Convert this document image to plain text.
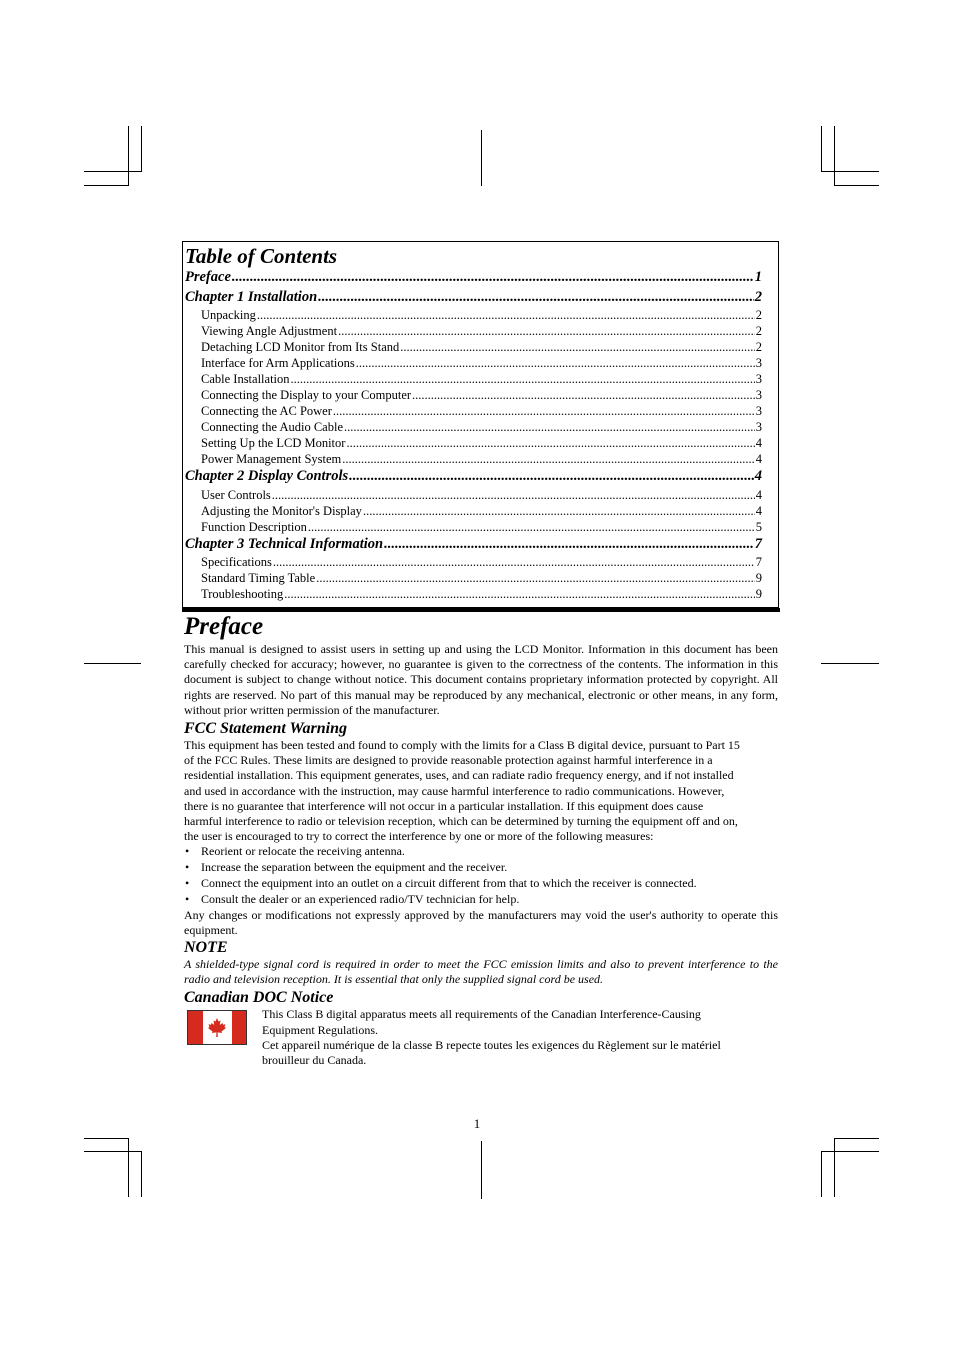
Table of Contents
Preface .....	1
Chapter 1 Installation .....	2
Unpacking .....	2
Viewing Angle Adjustment .....	2
Detaching LCD Monitor from Its Stand .....	2
Interface for Arm Applications .....	3
Cable Installation .....	3
Connecting the Display to your Computer .....	3
Connecting the AC Power .....	3
Connecting the Audio Cable .....	3
Setting Up the LCD Monitor .....	4
Power Management System .....	4
Chapter 2 Display Controls .....	4
User Controls .....	4
Adjusting the Monitor's Display .....	4
Function Description .....	5
Chapter 3 Technical Information .....	7
Specifications .....	7
Standard Timing Table .....	9
Troubleshooting .....	9
Preface
This manual is designed to assist users in setting up and using the LCD Monitor. Information in this document has been carefully checked for accuracy; however, no guarantee is given to the correctness of the contents. The information in this document is subject to change without notice. This document contains proprietary information protected by copyright. All rights are reserved. No part of this manual may be reproduced by any mechanical, electronic or other means, in any form, without prior written permission of the manufacturer.
FCC Statement Warning
This equipment has been tested and found to comply with the limits for a Class B digital device, pursuant to Part 15
of the FCC Rules. These limits are designed to provide reasonable protection against harmful interference in a
residential installation. This equipment generates, uses, and can radiate radio frequency energy, and if not installed
and used in accordance with the instruction, may cause harmful interference to radio communications. However,
there is no guarantee that interference will not occur in a particular installation. If this equipment does cause
harmful interference to radio or television reception, which can be determined by turning the equipment off and on,
the user is encouraged to try to correct the interference by one or more of the following measures:
• Reorient or relocate the receiving antenna.
• Increase the separation between the equipment and the receiver.
• Connect the equipment into an outlet on a circuit different from that to which the receiver is connected.
• Consult the dealer or an experienced radio/TV technician for help.
Any changes or modifications not expressly approved by the manufacturers may void the user's authority to operate this equipment.
NOTE
A shielded-type signal cord is required in order to meet the FCC emission limits and also to prevent interference to the radio and television reception. It is essential that only the supplied signal cord be used.
Canadian DOC Notice
This Class B digital apparatus meets all requirements of the Canadian Interference-Causing
Equipment Regulations.
Cet appareil numérique de la classe B repecte toutes les exigences du Règlement sur le matériel
brouilleur du Canada.
1
